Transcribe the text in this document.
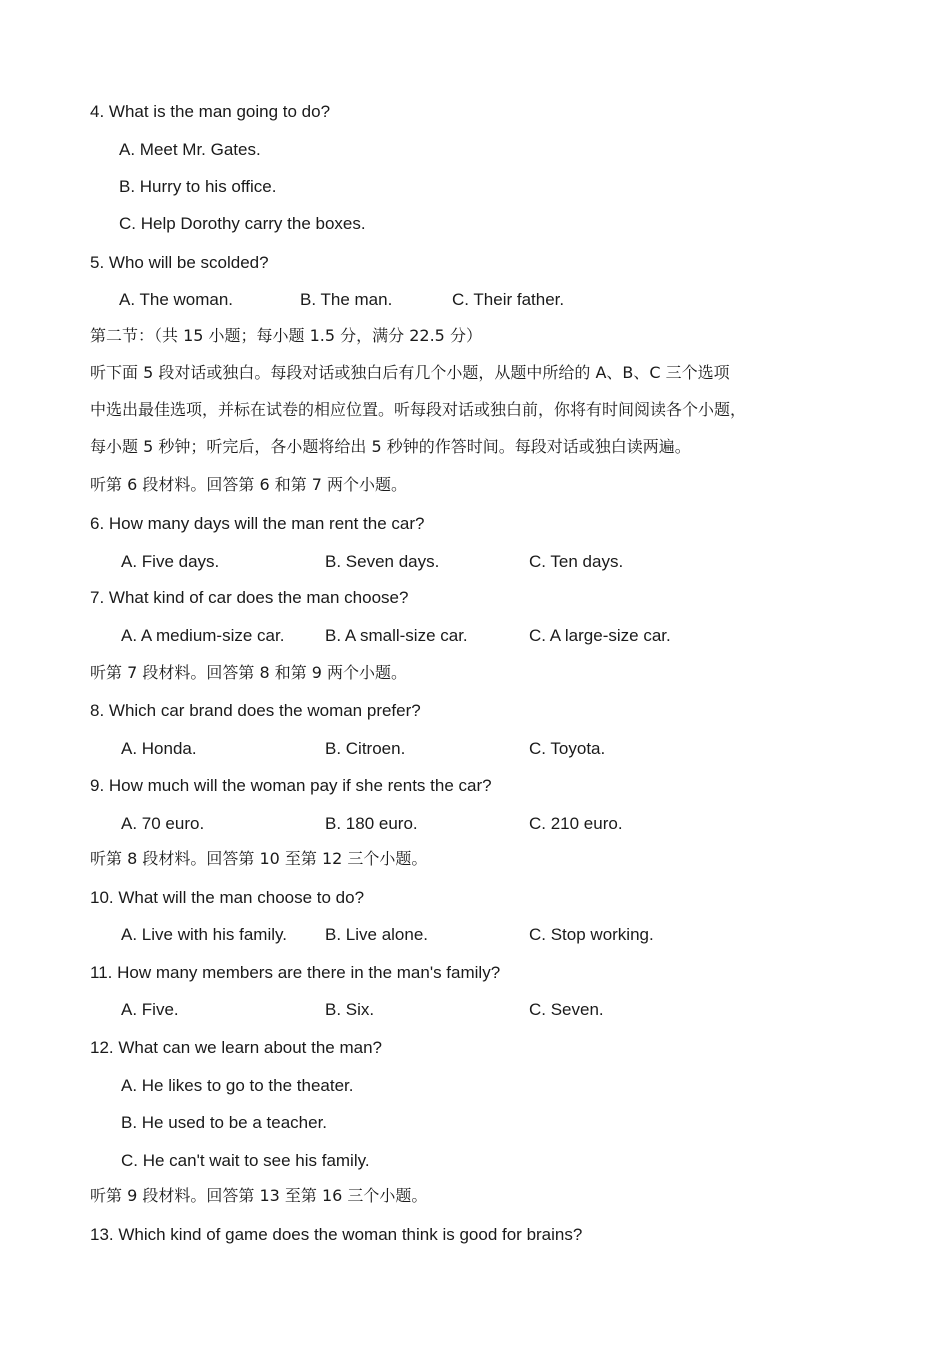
4. What is the man going to do?
A. Meet Mr. Gates.
B. Hurry to his office.
C. Help Dorothy carry the boxes.
5. Who will be scolded?
A. The woman.	B. The man.	C. Their father.
第二节：（共 15 小题；每小题 1.5 分，满分 22.5 分）
听下面 5 段对话或独白。每段对话或独白后有几个小题，从题中所给的 A、B、C 三个选项
中选出最佳选项，并标在试卷的相应位置。听每段对话或独白前，你将有时间阅读各个小题，
每小题 5 秒钟；听完后，各小题将给出 5 秒钟的作答时间。每段对话或独白读两遍。
听第 6 段材料。回答第 6 和第 7 两个小题。
6. How many days will the man rent the car?
A. Five days.	B. Seven days.	C. Ten days.
7. What kind of car does the man choose?
A. A medium-size car. B. A small-size car.	C. A large-size car.
听第 7 段材料。回答第 8 和第 9 两个小题。
8. Which car brand does the woman prefer?
A. Honda.	B. Citroen.	C. Toyota.
9. How much will the woman pay if she rents the car?
A. 70 euro.	B. 180 euro.	C. 210 euro.
听第 8 段材料。回答第 10 至第 12 三个小题。
10. What will the man choose to do?
A. Live with his family. B. Live alone.	C. Stop working.
11. How many members are there in the man's family?
A. Five.	B. Six.	C. Seven.
12. What can we learn about the man?
A. He likes to go to the theater.
B. He used to be a teacher.
C. He can't wait to see his family.
听第 9 段材料。回答第 13 至第 16 三个小题。
13. Which kind of game does the woman think is good for brains?
